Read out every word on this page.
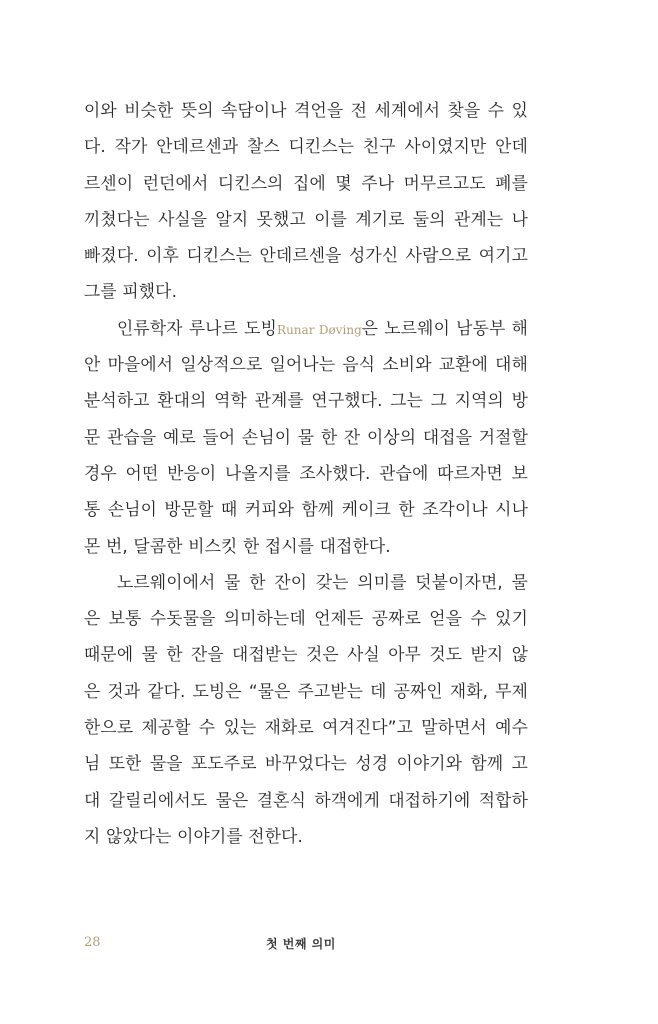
이와 비슷한 뜻의 속담이나 격언을 전 세계에서 찾을 수 있
다. 작가 안데르센과 찰스 디킨스는 친구 사이였지만 안데
르센이 런던에서 디킨스의 집에 몇 주나 머무르고도 폐를
끼쳤다는 사실을 알지 못했고 이를 계기로 둘의 관계는 나
빠졌다. 이후 디킨스는 안데르센을 성가신 사람으로 여기고
그를 피했다.
인류학자 루나르 도빙Runar Døving은 노르웨이 남동부 해
안 마을에서 일상적으로 일어나는 음식 소비와 교환에 대해
분석하고 환대의 역학 관계를 연구했다. 그는 그 지역의 방
문 관습을 예로 들어 손님이 물 한 잔 이상의 대접을 거절할
경우 어떤 반응이 나올지를 조사했다. 관습에 따르자면 보
통 손님이 방문할 때 커피와 함께 케이크 한 조각이나 시나
몬 번, 달콤한 비스킷 한 접시를 대접한다.
노르웨이에서 물 한 잔이 갖는 의미를 덧붙이자면, 물
은 보통 수돗물을 의미하는데 언제든 공짜로 얻을 수 있기
때문에 물 한 잔을 대접받는 것은 사실 아무 것도 받지 않
은 것과 같다. 도빙은 “물은 주고받는 데 공짜인 재화, 무제
한으로 제공할 수 있는 재화로 여겨진다”고 말하면서 예수
님 또한 물을 포도주로 바꾸었다는 성경 이야기와 함께 고
대 갈릴리에서도 물은 결혼식 하객에게 대접하기에 적합하
지 않았다는 이야기를 전한다.
28	첫 번째 의미
